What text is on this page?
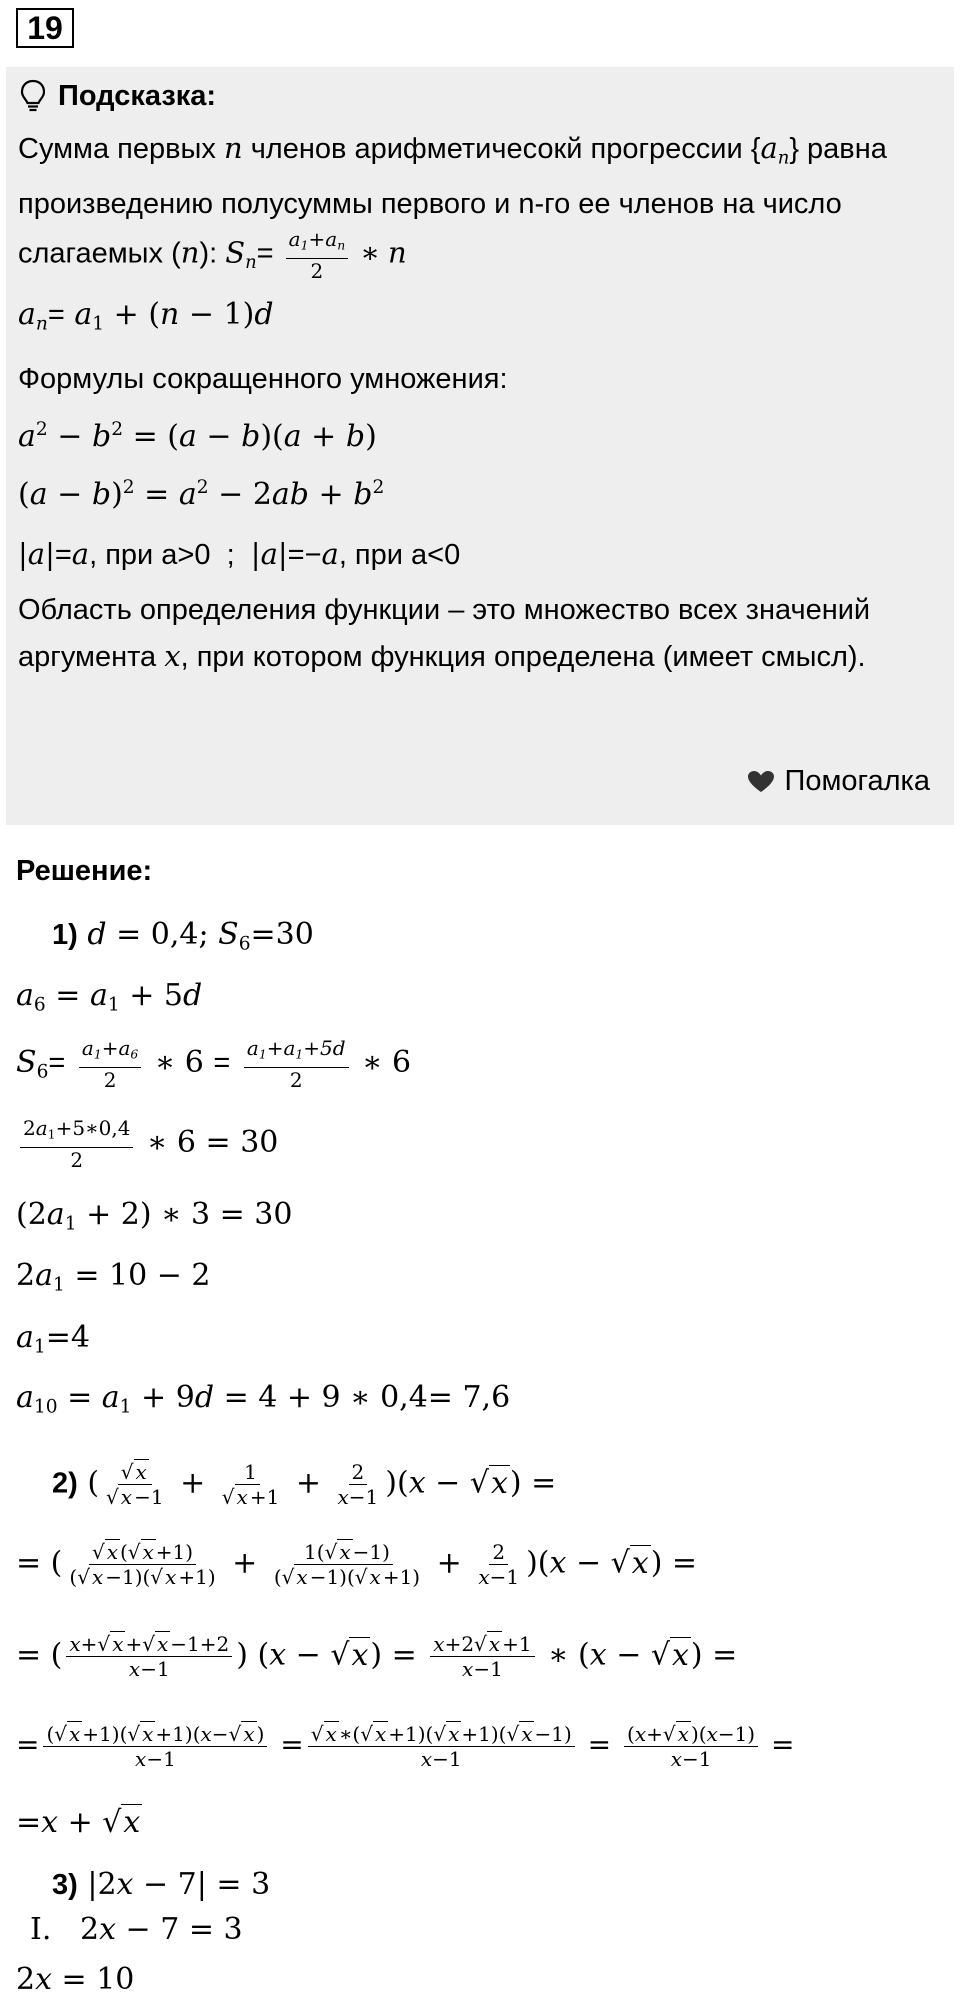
19
Подсказка:
Сумма первых n членов арифметичесокй прогрессии $\{a_n\}$ равна произведению полусуммы первого и n-го ее членов на число слагаемых (n): $S_n= \frac{a_1+a_n}{2}$ ∗ n
$a_n= a_1 + (n - 1)d$
Формулы сокращенного умножения:
$a^2 - b^2 = (a - b)(a + b)$
$(a - b)^2 = a^2 - 2ab + b^2$
|a|=a, при a>0  ;  |a|=−a, при a<0
Область определения функции – это множество всех значений аргумента x, при котором функция определена (имеет смысл).
Помогалка
Решение:
1) d = 0,4; $S_6=30$
$a_6 = a_1 + 5d$
$S_6= \frac{a_1+a_6}{2}$ ∗ $6 = \frac{a_1+a_1+5d}{2}$ ∗ 6
$\frac{2a_1+5∗0,4}{2}$ ∗ 6 = 30
$(2a_1 + 2)$ ∗ 3 = 30
$2a_1 = 10 - 2$
$a_1=4$
$a_{10} = a_1 + 9d = 4 + 9$ ∗ 0,4= 7,6
2) ( $\frac{√ x}{√ x -1} + \frac{1}{√ x +1} + \frac{2}{x-1} )(x - √x)$ =
= ( $\frac{√ x (√ x +1)}{(√ x -1)(√ x +1)} + \frac{1(√ x -1)}{(√ x -1)(√ x +1)} + \frac{2}{x-1} )(x - √x)$ =
= ( $\frac{x+√ x +√ x -1+2}{x-1}$ ) $(x - √x) = \frac{x+2√ x +1}{x-1}$ ∗ (x − √x) =
= $\frac{(√ x +1)(√ x +1)(x-√ x )}{x-1} = \frac{√ x ∗(√ x +1)(√ x +1)(√ x -1)}{x-1} = \frac{(x+√ x )(x-1)}{x-1}$ =
=x + √x
3) |2x − 7| = 3
I.   2x − 7 = 3
2x = 10
